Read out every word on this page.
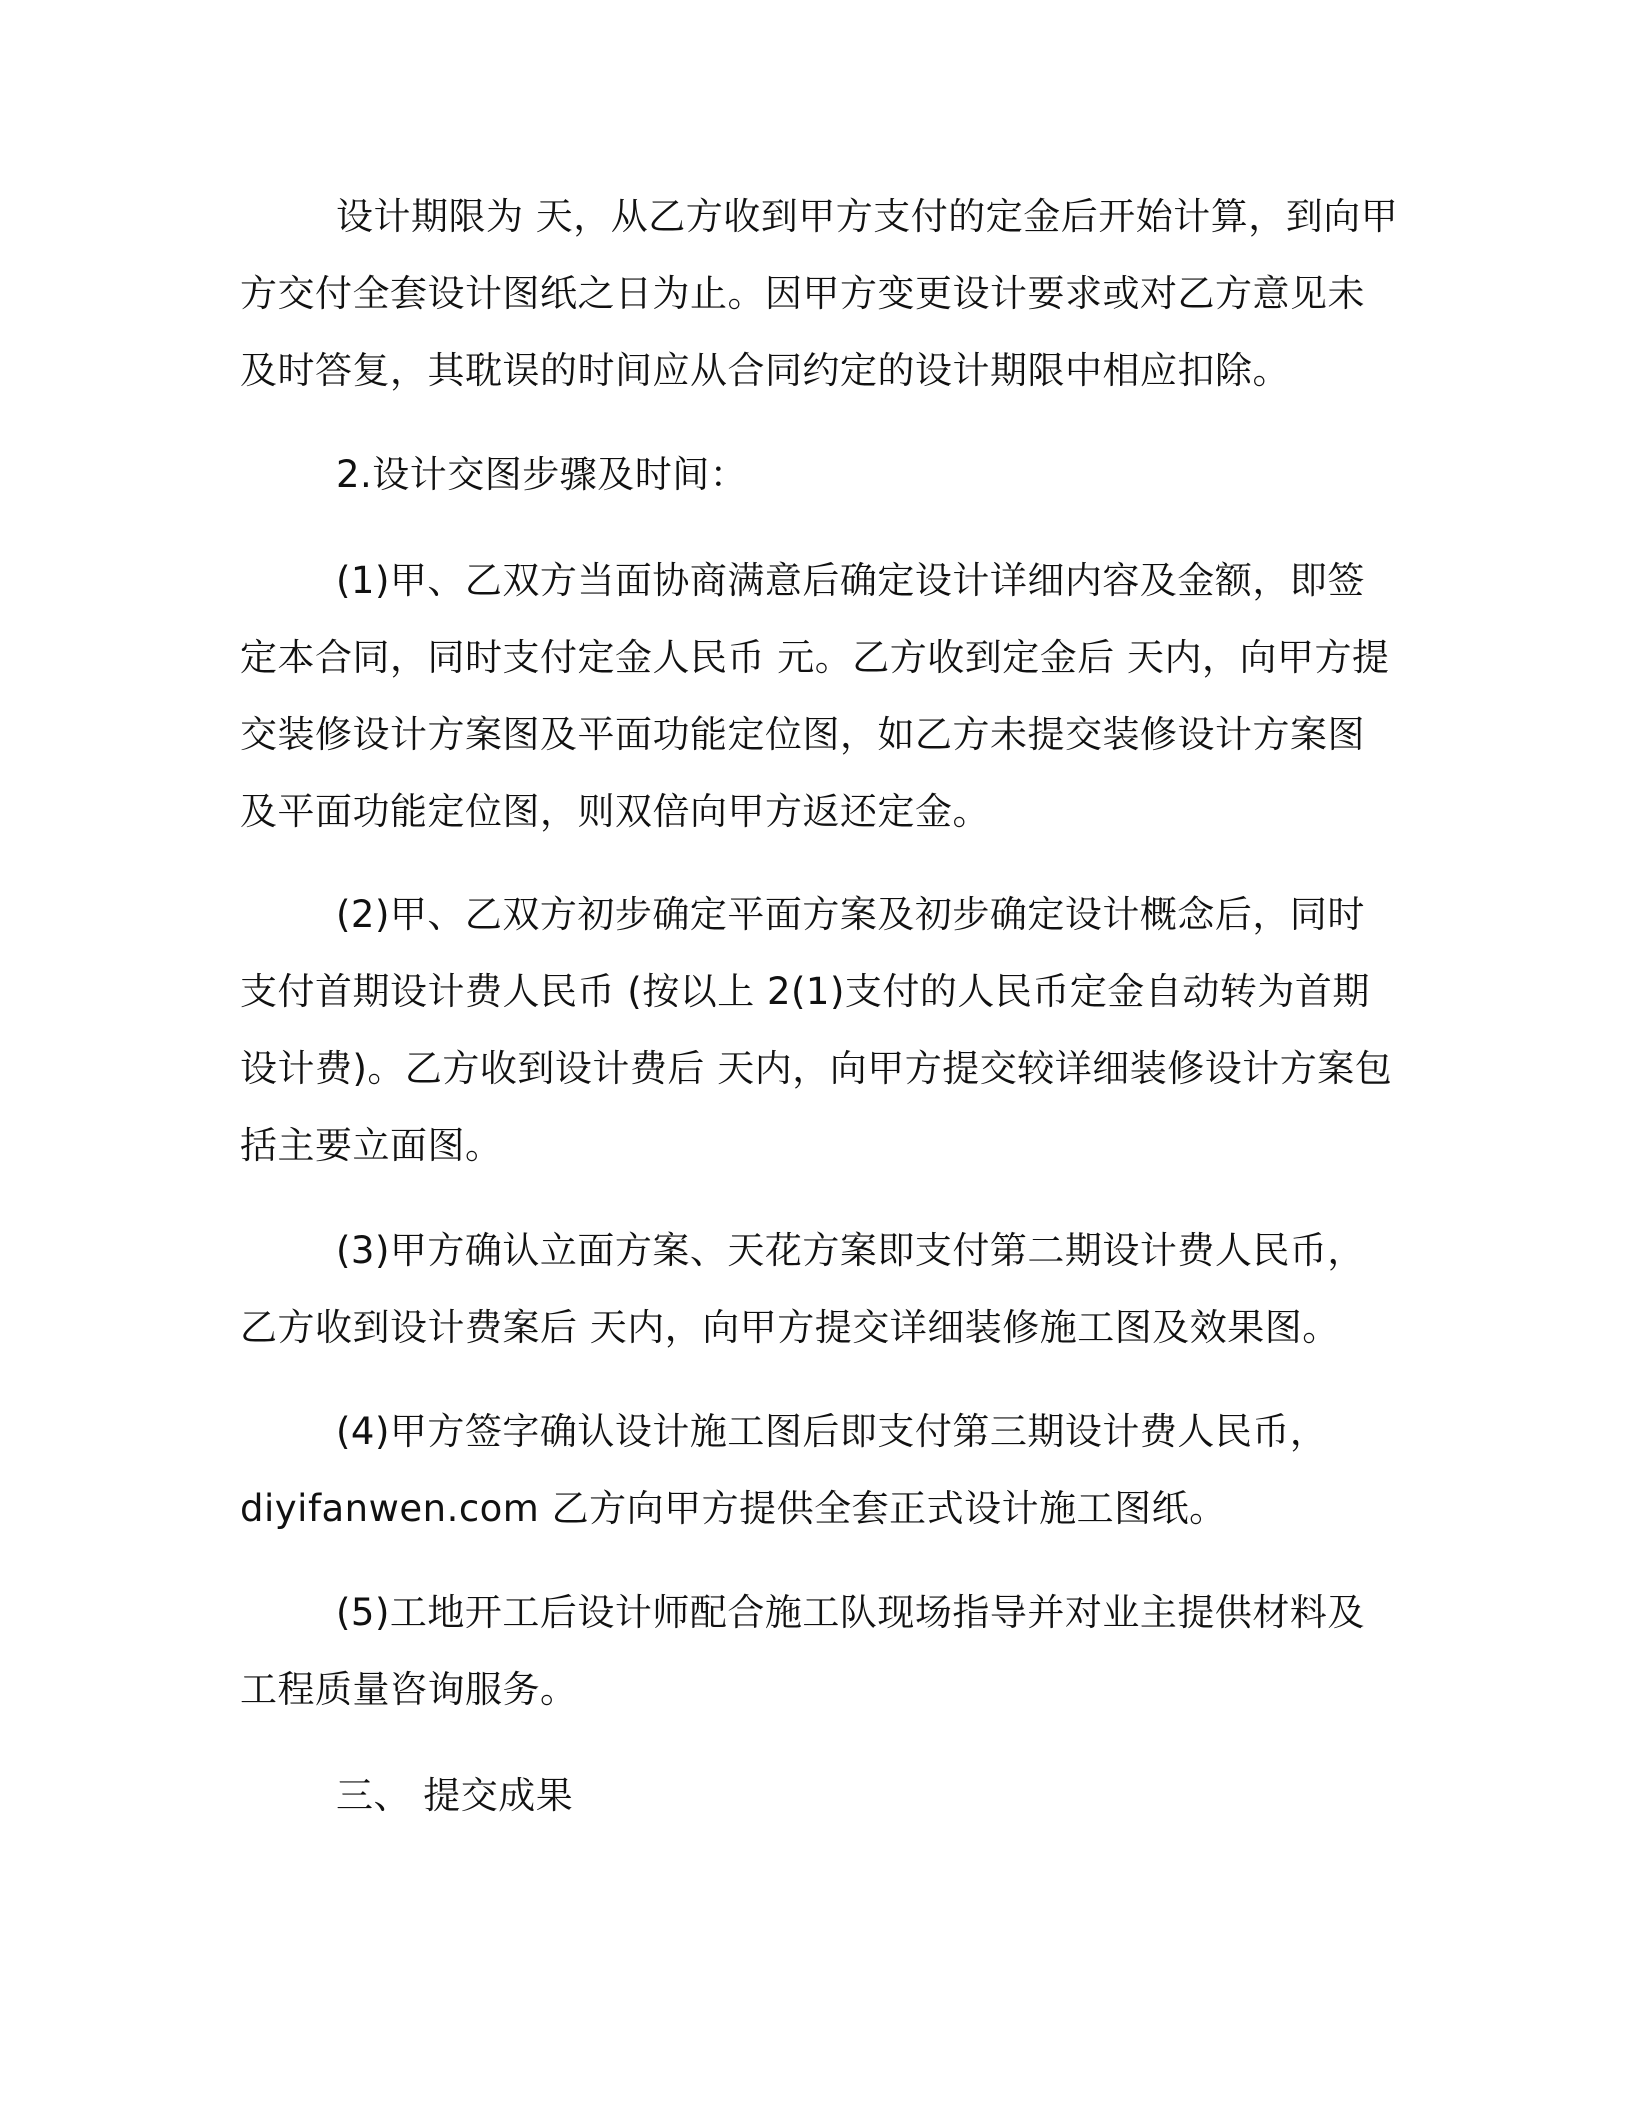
设计期限为 天，从乙方收到甲方支付的定金后开始计算，到向甲方交付全套设计图纸之日为止。因甲方变更设计要求或对乙方意见未及时答复，其耽误的时间应从合同约定的设计期限中相应扣除。

2.设计交图步骤及时间：

(1)甲、乙双方当面协商满意后确定设计详细内容及金额，即签定本合同，同时支付定金人民币 元。乙方收到定金后 天内，向甲方提交装修设计方案图及平面功能定位图，如乙方未提交装修设计方案图及平面功能定位图，则双倍向甲方返还定金。

(2)甲、乙双方初步确定平面方案及初步确定设计概念后，同时支付首期设计费人民币 (按以上 2(1)支付的人民币定金自动转为首期设计费)。乙方收到设计费后 天内，向甲方提交较详细装修设计方案包括主要立面图。

(3)甲方确认立面方案、天花方案即支付第二期设计费人民币，乙方收到设计费案后 天内，向甲方提交详细装修施工图及效果图。

(4)甲方签字确认设计施工图后即支付第三期设计费人民币，diyifanwen.com 乙方向甲方提供全套正式设计施工图纸。

(5)工地开工后设计师配合施工队现场指导并对业主提供材料及工程质量咨询服务。

三、 提交成果
